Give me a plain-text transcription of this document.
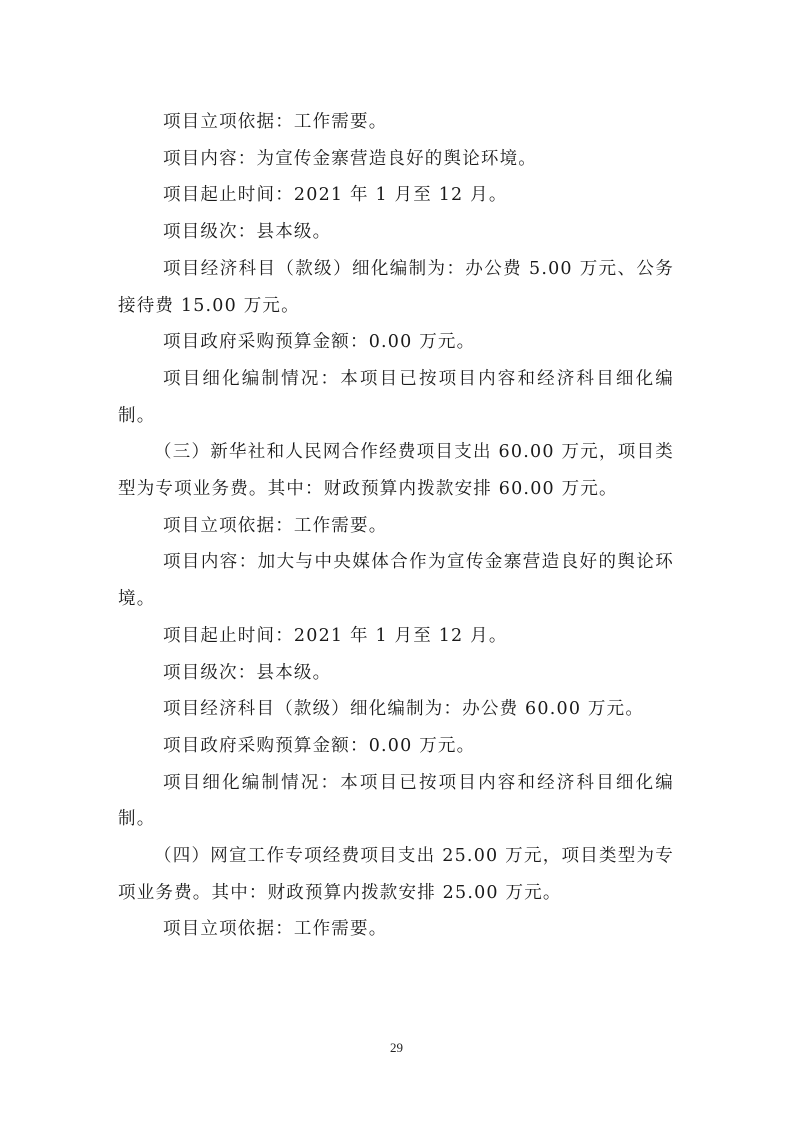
项目立项依据：工作需要。

项目内容：为宣传金寨营造良好的舆论环境。

项目起止时间：2021 年 1 月至 12 月。

项目级次：县本级。

项目经济科目（款级）细化编制为：办公费 5.00 万元、公务接待费 15.00 万元。

项目政府采购预算金额：0.00 万元。

项目细化编制情况：本项目已按项目内容和经济科目细化编制。

（三）新华社和人民网合作经费项目支出 60.00 万元，项目类型为专项业务费。其中：财政预算内拨款安排 60.00 万元。

项目立项依据：工作需要。

项目内容：加大与中央媒体合作为宣传金寨营造良好的舆论环境。

项目起止时间：2021 年 1 月至 12 月。

项目级次：县本级。

项目经济科目（款级）细化编制为：办公费 60.00 万元。

项目政府采购预算金额：0.00 万元。

项目细化编制情况：本项目已按项目内容和经济科目细化编制。

（四）网宣工作专项经费项目支出 25.00 万元，项目类型为专项业务费。其中：财政预算内拨款安排 25.00 万元。

项目立项依据：工作需要。

29
